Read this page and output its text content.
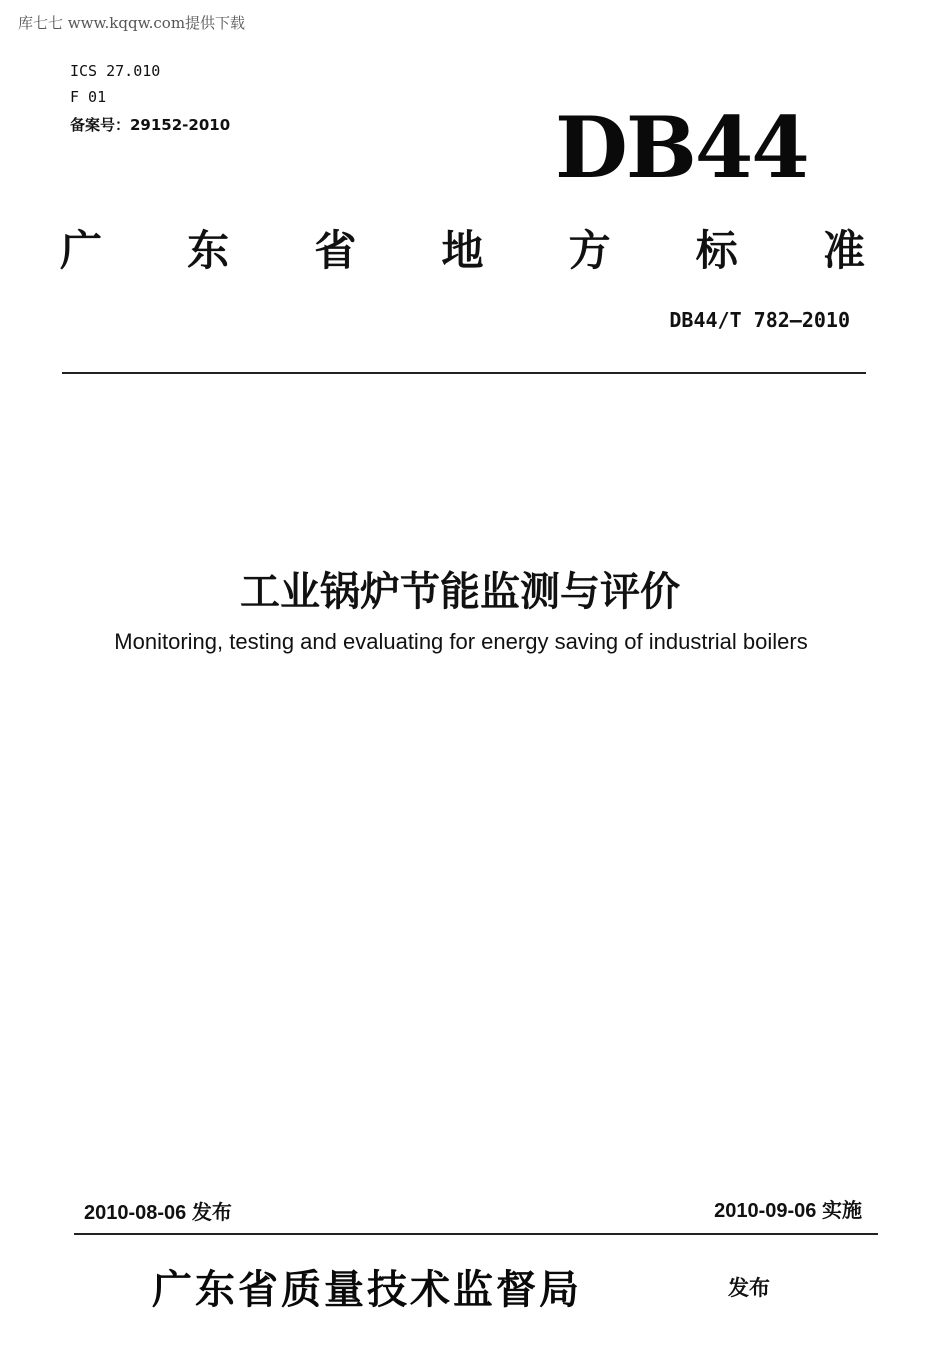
库七七 www.kqqw.com提供下载
ICS 27.010
F 01
备案号：29152-2010	DB44
广 东 省 地 方 标 准
DB44/T 782—2010
工业锅炉节能监测与评价
Monitoring, testing and evaluating for energy saving of industrial boilers
2010-08-06 发布	2010-09-06 实施
广东省质量技术监督局	发布
